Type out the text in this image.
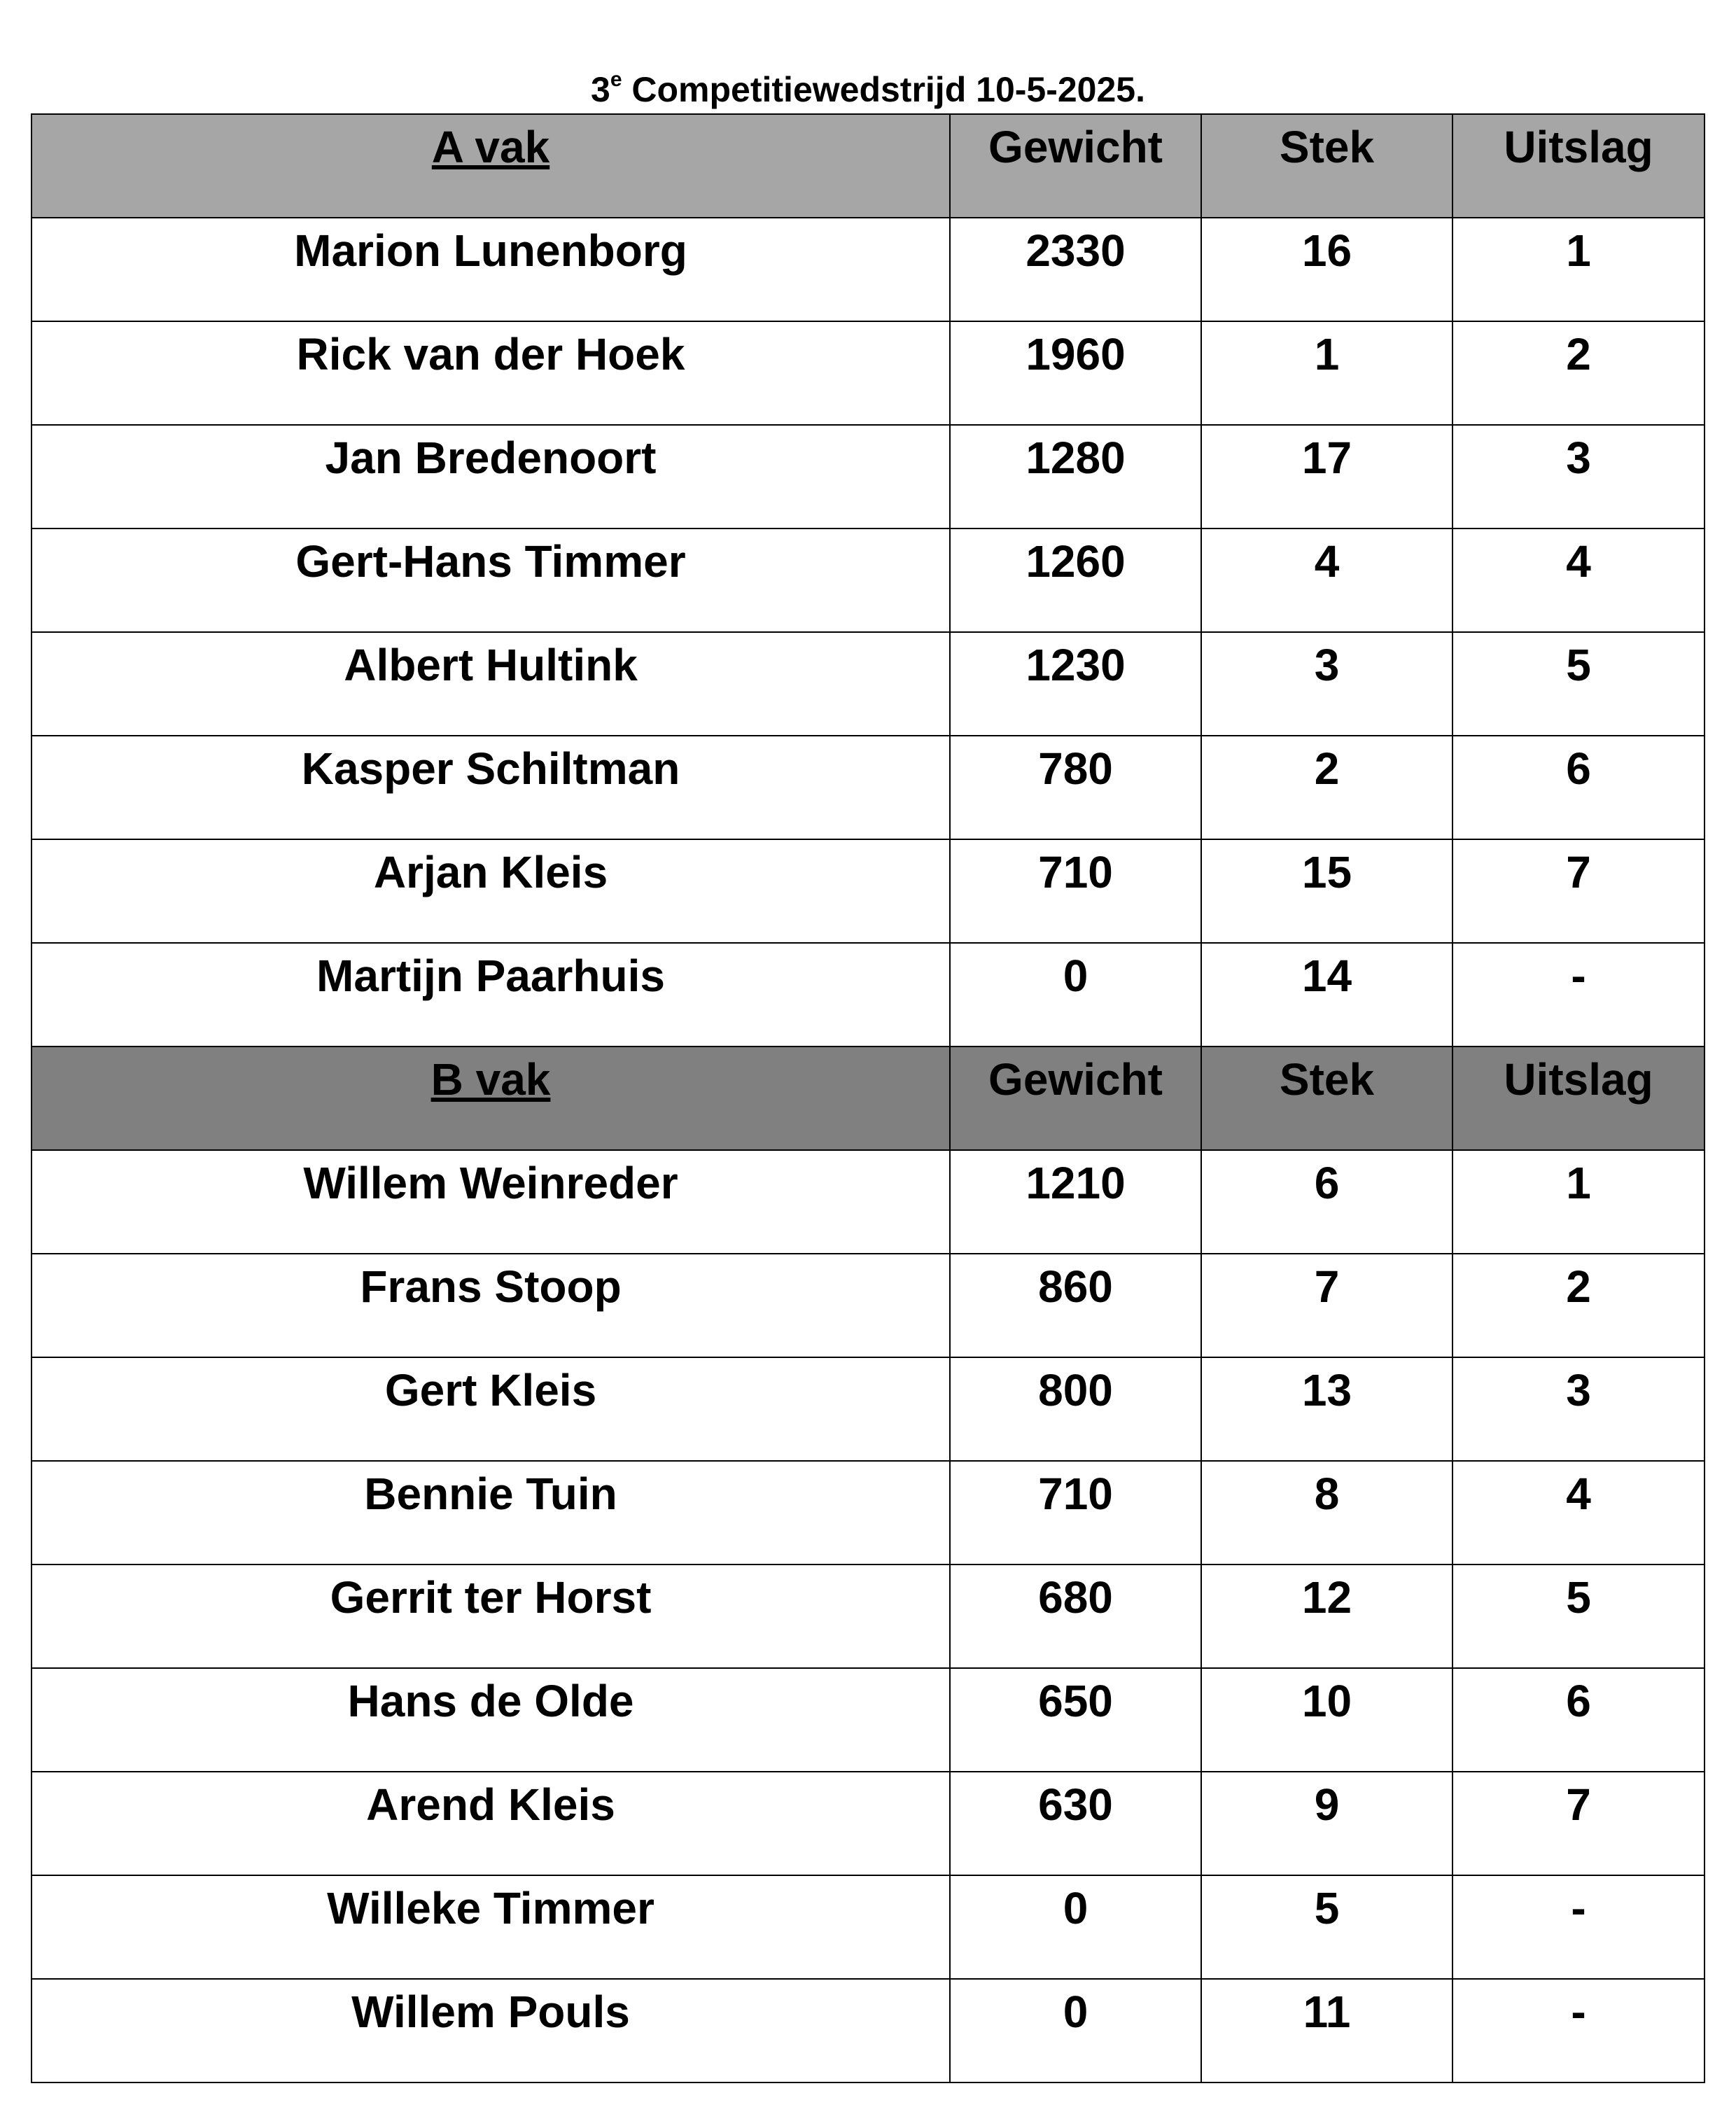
3e Competitiewedstrijd 10-5-2025.
A vak	Gewicht	Stek	Uitslag

Marion Lunenborg	2330	16	1

Rick van der Hoek	1960	1	2

Jan Bredenoort	1280	17	3

Gert-Hans Timmer	1260	4	4

Albert Hultink	1230	3	5

Kasper Schiltman	780	2	6

Arjan Kleis	710	15	7

Martijn Paarhuis	0	14	-

B vak	Gewicht	Stek	Uitslag

Willem Weinreder	1210	6	1

Frans Stoop	860	7	2

Gert Kleis	800	13	3

Bennie Tuin	710	8	4

Gerrit ter Horst	680	12	5

Hans de Olde	650	10	6

Arend Kleis	630	9	7

Willeke Timmer	0	5	-

Willem Pouls	0	11	-
